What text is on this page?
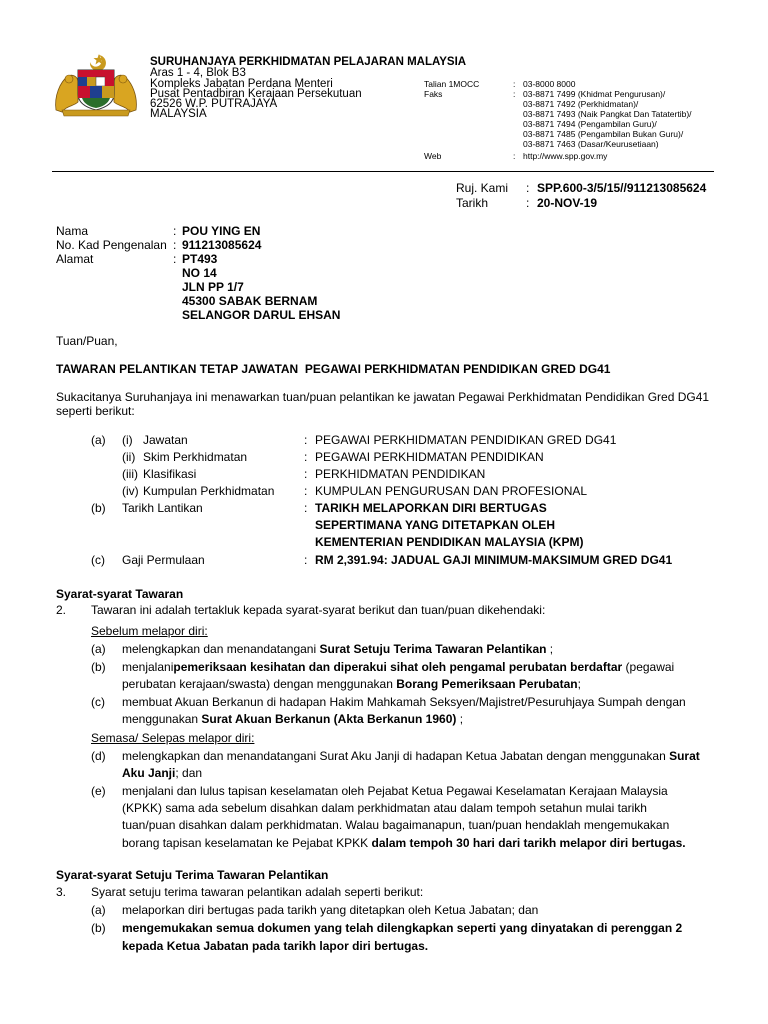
SURUHANJAYA PERKHIDMATAN PELAJARAN MALAYSIA
Aras 1 - 4, Blok B3
Kompleks Jabatan Perdana Menteri
Pusat Pentadbiran Kerajaan Persekutuan
62526 W.P. PUTRAJAYA
MALAYSIA
Talian 1MOCC	: 03-8000 8000
Faks	: 03-8871 7499 (Khidmat Pengurusan)/
03-8871 7492 (Perkhidmatan)/
03-8871 7493 (Naik Pangkat Dan Tatatertib)/
03-8871 7494 (Pengambilan Guru)/
03-8871 7485 (Pengambilan Bukan Guru)/
03-8871 7463 (Dasar/Keurusetiaan)
Web	: http://www.spp.gov.my
Ruj. Kami : SPP.600-3/5/15//911213085624
Tarikh	: 20-NOV-19
Nama	: POU YING EN
No. Kad Pengenalan : 911213085624
Alamat	: PT493
NO 14
JLN PP 1/7
45300 SABAK BERNAM
SELANGOR DARUL EHSAN
Tuan/Puan,
TAWARAN PELANTIKAN TETAP JAWATAN  PEGAWAI PERKHIDMATAN PENDIDIKAN GRED DG41
Sukacitanya Suruhanjaya ini menawarkan tuan/puan pelantikan ke jawatan Pegawai Perkhidmatan Pendidikan Gred DG41
seperti berikut:
(a) (i) Jawatan	: PEGAWAI PERKHIDMATAN PENDIDIKAN GRED DG41
(ii) Skim Perkhidmatan	: PEGAWAI PERKHIDMATAN PENDIDIKAN
(iii) Klasifikasi	: PERKHIDMATAN PENDIDIKAN
(iv) Kumpulan Perkhidmatan : KUMPULAN PENGURUSAN DAN PROFESIONAL
(b) Tarikh Lantikan	: TARIKH MELAPORKAN DIRI BERTUGAS
SEPERTIMANA YANG DITETAPKAN OLEH
KEMENTERIAN PENDIDIKAN MALAYSIA (KPM)
(c) Gaji Permulaan	: RM 2,391.94: JADUAL GAJI MINIMUM-MAKSIMUM GRED DG41
Syarat-syarat Tawaran
2. Tawaran ini adalah tertakluk kepada syarat-syarat berikut dan tuan/puan dikehendaki:
Sebelum melapor diri:
(a) melengkapkan dan menandatangani Surat Setuju Terima Tawaran Pelantikan ;
(b) menjalanipemeriksaan kesihatan dan diperakui sihat oleh pengamal perubatan berdaftar (pegawai
perubatan kerajaan/swasta) dengan menggunakan Borang Pemeriksaan Perubatan;
(c) membuat Akuan Berkanun di hadapan Hakim Mahkamah Seksyen/Majistret/Pesuruhjaya Sumpah dengan
menggunakan Surat Akuan Berkanun (Akta Berkanun 1960) ;
Semasa/ Selepas melapor diri:
(d) melengkapkan dan menandatangani Surat Aku Janji di hadapan Ketua Jabatan dengan menggunakan Surat
Aku Janji; dan
(e) menjalani dan lulus tapisan keselamatan oleh Pejabat Ketua Pegawai Keselamatan Kerajaan Malaysia
(KPKK) sama ada sebelum disahkan dalam perkhidmatan atau dalam tempoh setahun mulai tarikh
tuan/puan disahkan dalam perkhidmatan. Walau bagaimanapun, tuan/puan hendaklah mengemukakan
borang tapisan keselamatan ke Pejabat KPKK dalam tempoh 30 hari dari tarikh melapor diri bertugas.
Syarat-syarat Setuju Terima Tawaran Pelantikan
3. Syarat setuju terima tawaran pelantikan adalah seperti berikut:
(a) melaporkan diri bertugas pada tarikh yang ditetapkan oleh Ketua Jabatan; dan
(b) mengemukakan semua dokumen yang telah dilengkapkan seperti yang dinyatakan di perenggan 2
kepada Ketua Jabatan pada tarikh lapor diri bertugas.
